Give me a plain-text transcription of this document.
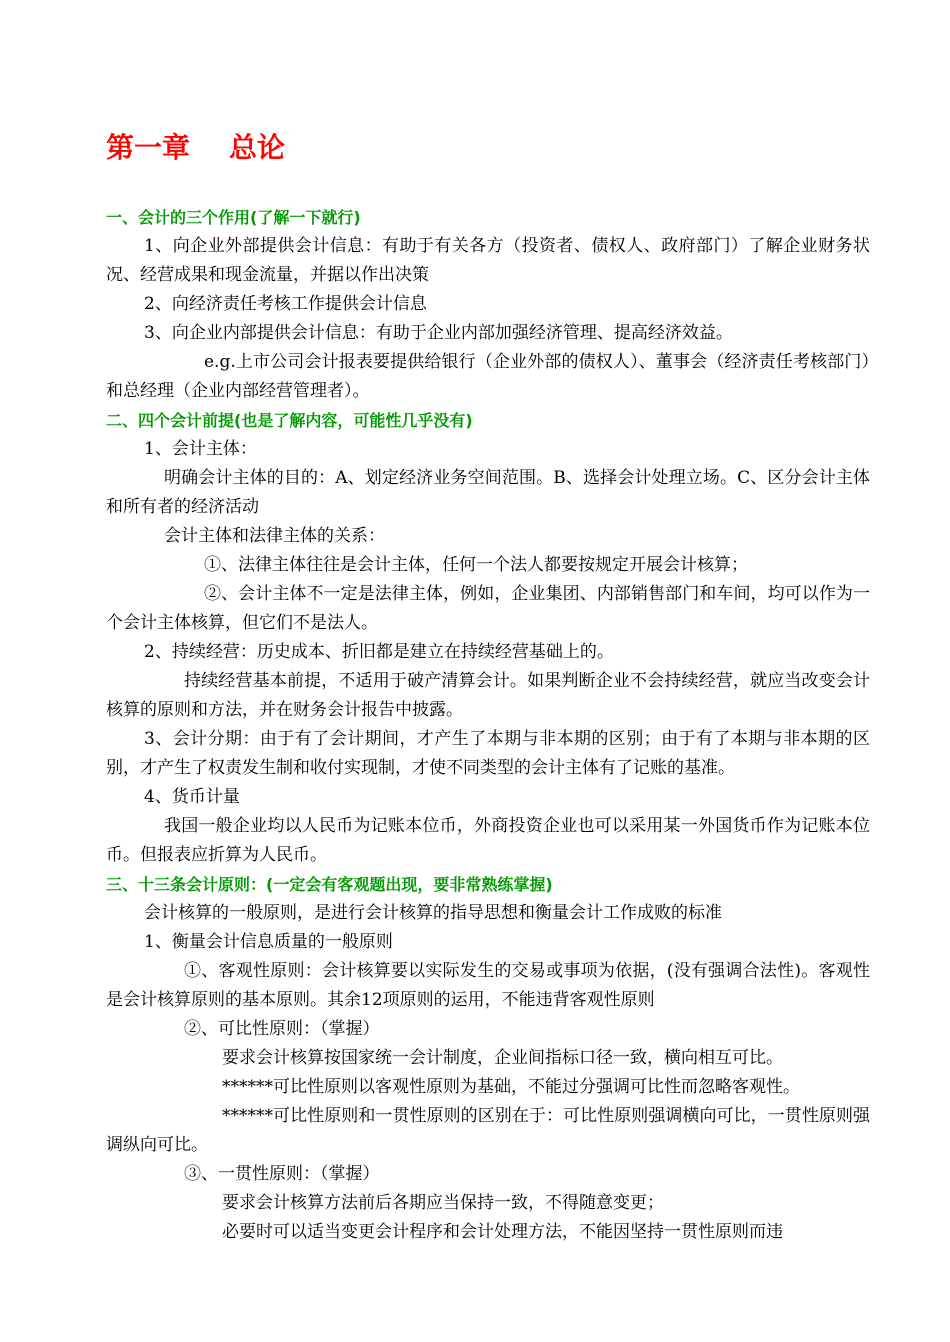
第一章    总论

一、会计的三个作用(了解一下就行)

1、向企业外部提供会计信息：有助于有关各方（投资者、债权人、政府部门）了解企业财务状况、经营成果和现金流量，并据以作出决策

2、向经济责任考核工作提供会计信息

3、向企业内部提供会计信息：有助于企业内部加强经济管理、提高经济效益。

e.g.上市公司会计报表要提供给银行（企业外部的债权人）、董事会（经济责任考核部门）和总经理（企业内部经营管理者）。

二、四个会计前提(也是了解内容，可能性几乎没有)

1、会计主体：

明确会计主体的目的：A、划定经济业务空间范围。B、选择会计处理立场。C、区分会计主体和所有者的经济活动

会计主体和法律主体的关系：

①、法律主体往往是会计主体，任何一个法人都要按规定开展会计核算；

②、会计主体不一定是法律主体，例如，企业集团、内部销售部门和车间，均可以作为一个会计主体核算，但它们不是法人。

2、持续经营：历史成本、折旧都是建立在持续经营基础上的。

持续经营基本前提，不适用于破产清算会计。如果判断企业不会持续经营，就应当改变会计核算的原则和方法，并在财务会计报告中披露。

3、会计分期：由于有了会计期间，才产生了本期与非本期的区别；由于有了本期与非本期的区别，才产生了权责发生制和收付实现制，才使不同类型的会计主体有了记账的基准。

4、货币计量

我国一般企业均以人民币为记账本位币，外商投资企业也可以采用某一外国货币作为记账本位币。但报表应折算为人民币。

三、十三条会计原则：(一定会有客观题出现，要非常熟练掌握)

会计核算的一般原则，是进行会计核算的指导思想和衡量会计工作成败的标准

1、衡量会计信息质量的一般原则

①、客观性原则：会计核算要以实际发生的交易或事项为依据，(没有强调合法性)。客观性是会计核算原则的基本原则。其余12项原则的运用，不能违背客观性原则

②、可比性原则：（掌握）

要求会计核算按国家统一会计制度，企业间指标口径一致，横向相互可比。

******可比性原则以客观性原则为基础，不能过分强调可比性而忽略客观性。

******可比性原则和一贯性原则的区别在于：可比性原则强调横向可比，一贯性原则强调纵向可比。

③、一贯性原则：（掌握）

要求会计核算方法前后各期应当保持一致，不得随意变更；

必要时可以适当变更会计程序和会计处理方法，不能因坚持一贯性原则而违
